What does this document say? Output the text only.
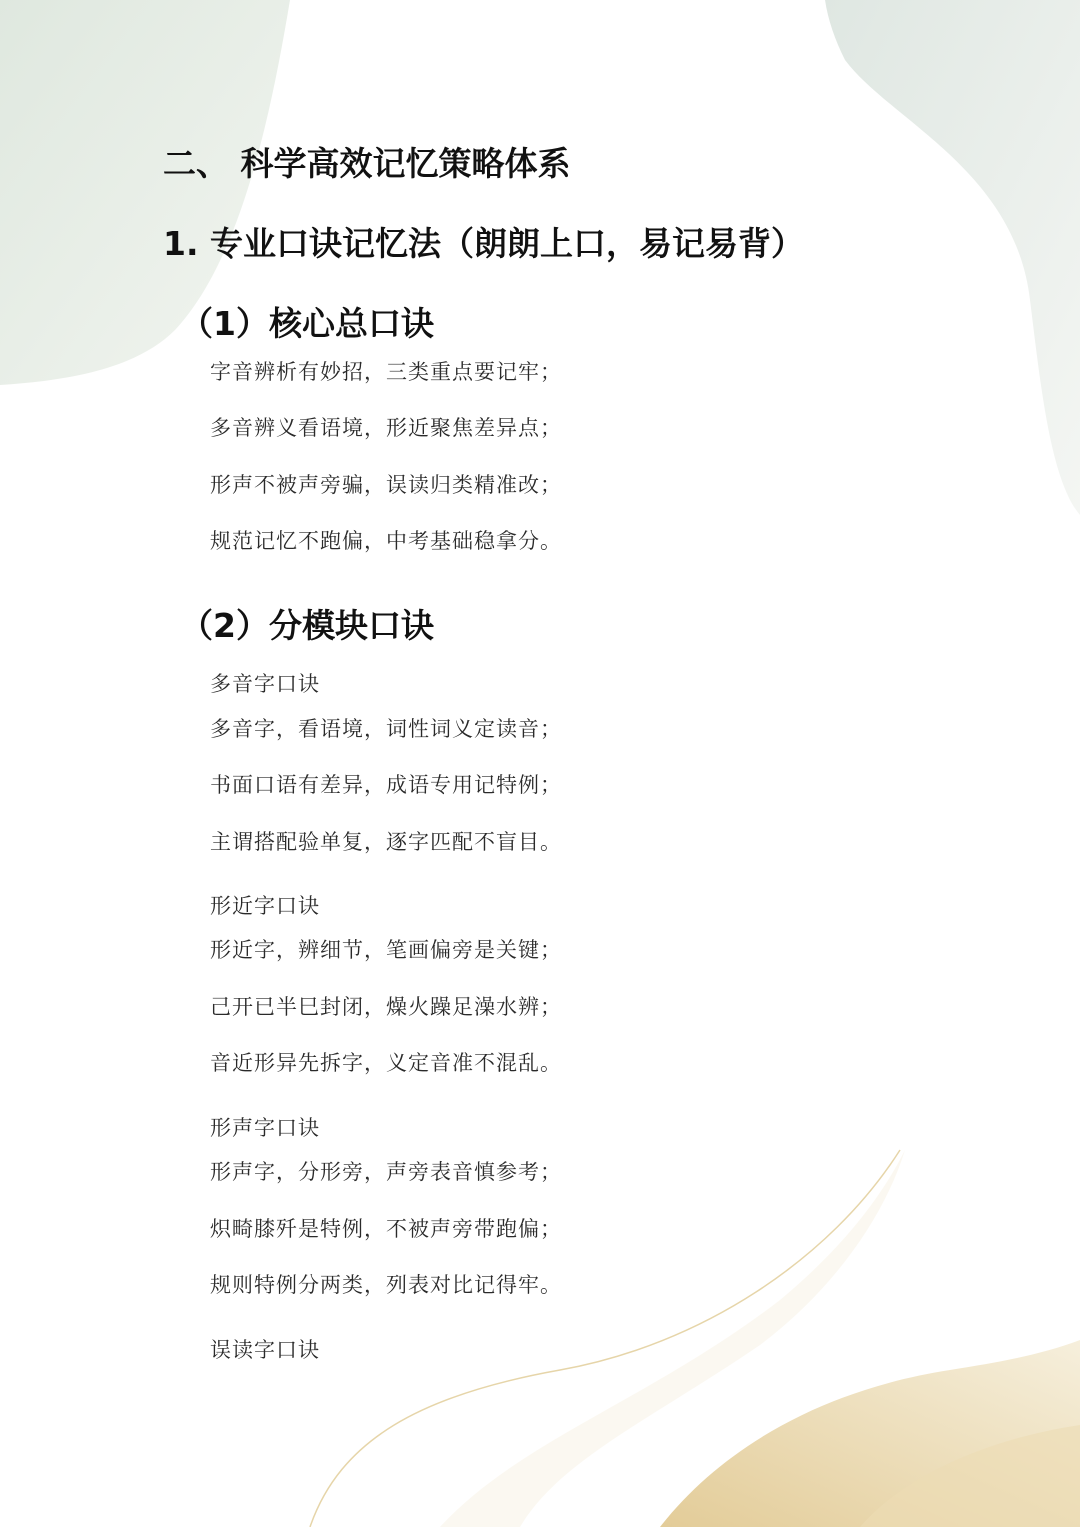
二、 科学高效记忆策略体系
1. 专业口诀记忆法（朗朗上口，易记易背）
（1）核心总口诀
字音辨析有妙招，三类重点要记牢；
多音辨义看语境，形近聚焦差异点；
形声不被声旁骗，误读归类精准改；
规范记忆不跑偏，中考基础稳拿分。
（2）分模块口诀
多音字口诀
多音字，看语境，词性词义定读音；
书面口语有差异，成语专用记特例；
主谓搭配验单复，逐字匹配不盲目。
形近字口诀
形近字，辨细节，笔画偏旁是关键；
己开已半巳封闭，燥火躁足澡水辨；
音近形异先拆字，义定音准不混乱。
形声字口诀
形声字，分形旁，声旁表音慎参考；
炽畸膝歼是特例，不被声旁带跑偏；
规则特例分两类，列表对比记得牢。
误读字口诀
